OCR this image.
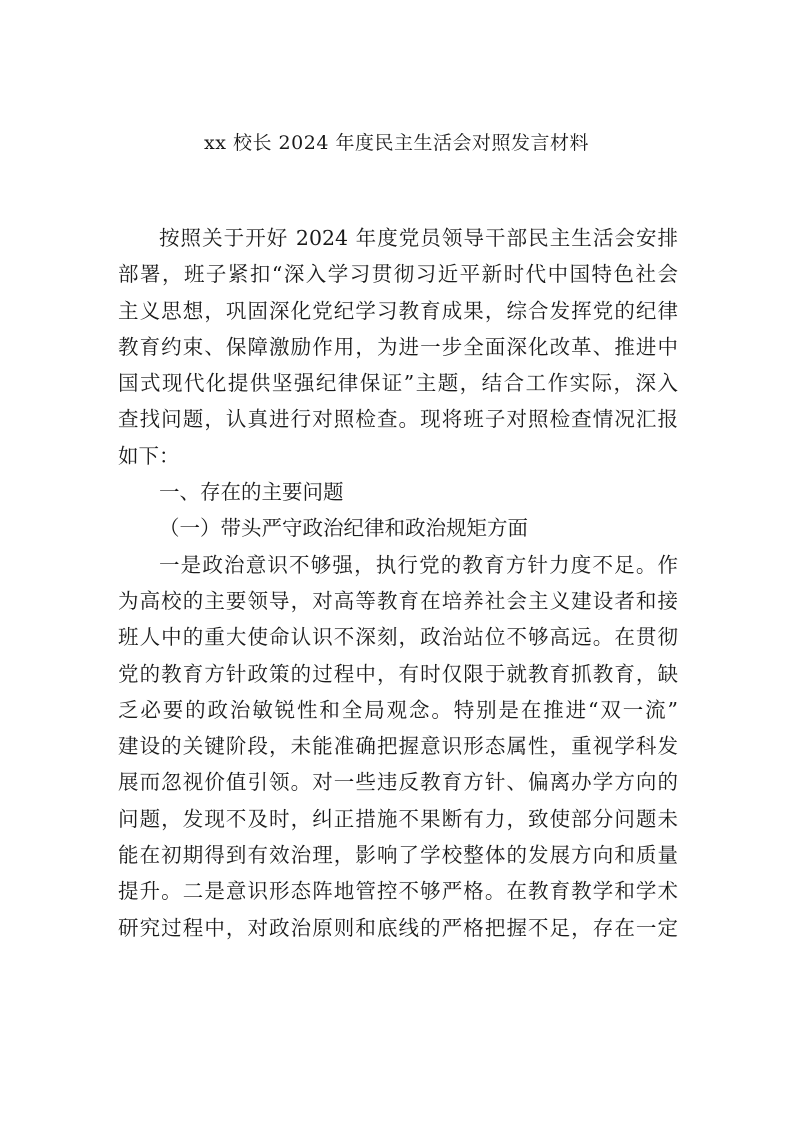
xx 校长 2024 年度民主生活会对照发言材料
按照关于开好 2024 年度党员领导干部民主生活会安排
部署，班子紧扣“深入学习贯彻习近平新时代中国特色社会
主义思想，巩固深化党纪学习教育成果，综合发挥党的纪律
教育约束、保障激励作用，为进一步全面深化改革、推进中
国式现代化提供坚强纪律保证”主题，结合工作实际，深入
查找问题，认真进行对照检查。现将班子对照检查情况汇报
如下：
一、存在的主要问题
（一）带头严守政治纪律和政治规矩方面
一是政治意识不够强，执行党的教育方针力度不足。作
为高校的主要领导，对高等教育在培养社会主义建设者和接
班人中的重大使命认识不深刻，政治站位不够高远。在贯彻
党的教育方针政策的过程中，有时仅限于就教育抓教育，缺
乏必要的政治敏锐性和全局观念。特别是在推进“双一流”
建设的关键阶段，未能准确把握意识形态属性，重视学科发
展而忽视价值引领。对一些违反教育方针、偏离办学方向的
问题，发现不及时，纠正措施不果断有力，致使部分问题未
能在初期得到有效治理，影响了学校整体的发展方向和质量
提升。二是意识形态阵地管控不够严格。在教育教学和学术
研究过程中，对政治原则和底线的严格把握不足，存在一定
